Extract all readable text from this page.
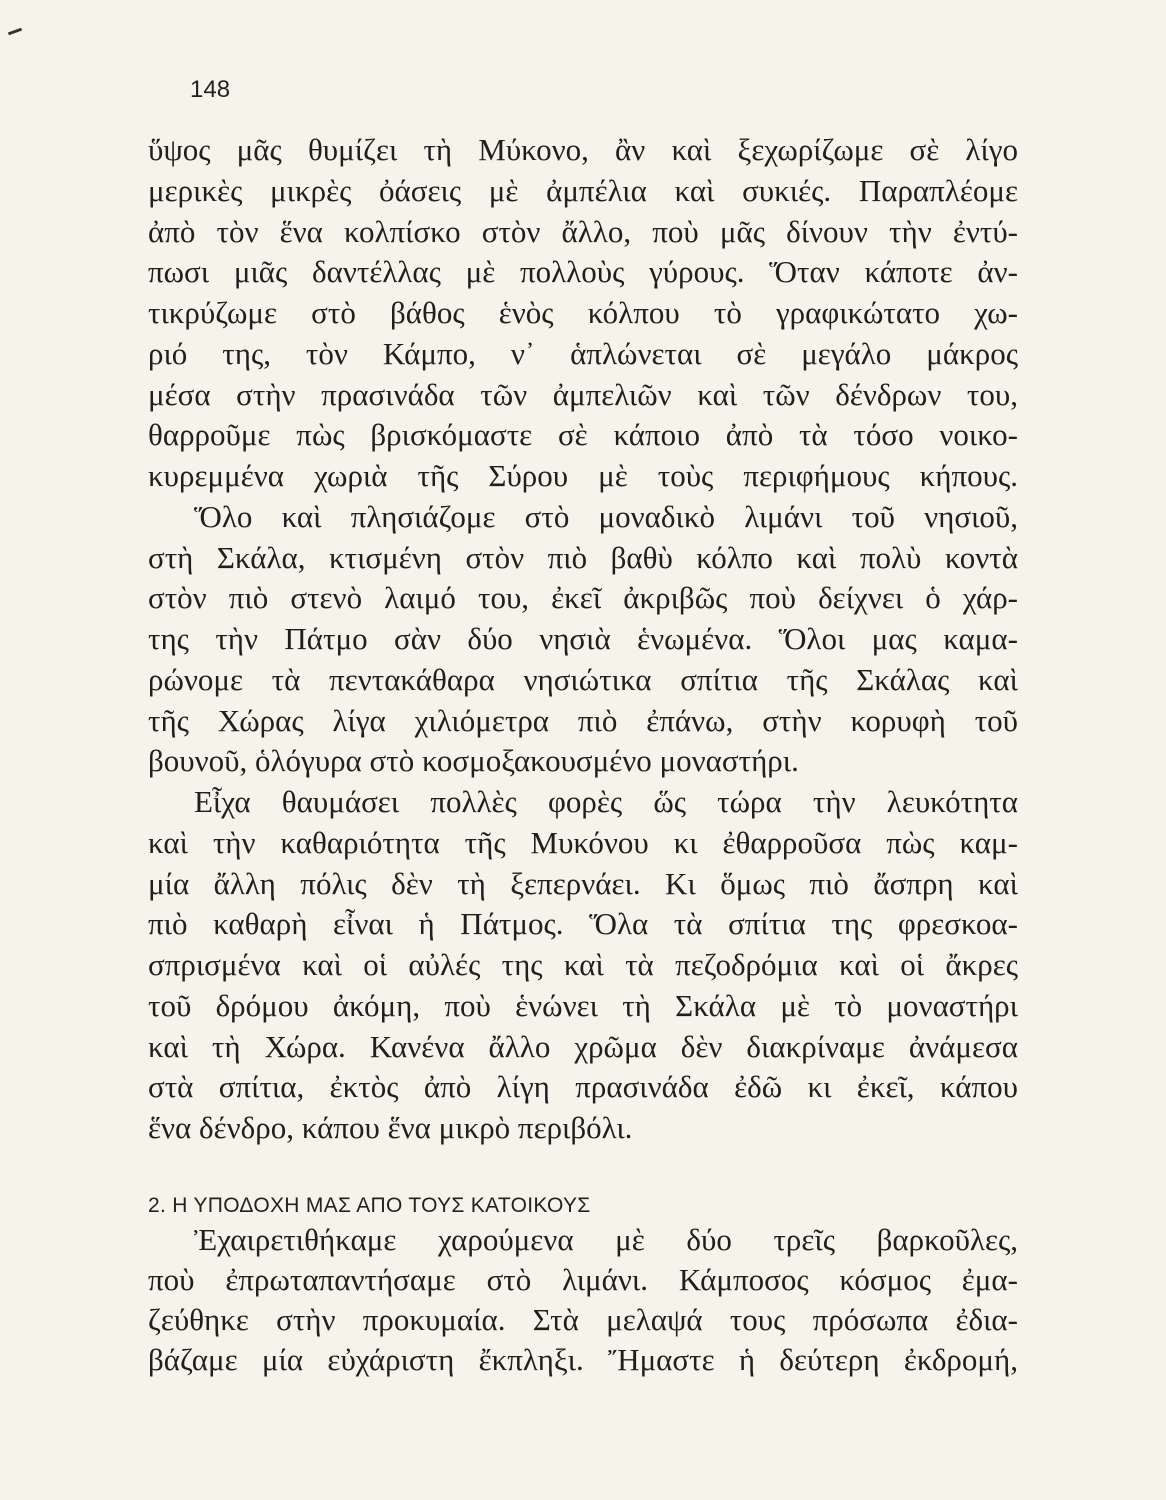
148
ὕψος μᾶς θυμίζει τὴ Μύκονο, ἂν καὶ ξεχωρίζωμε σὲ λίγο
μερικὲς μικρὲς ὀάσεις μὲ ἀμπέλια καὶ συκιές. Παραπλέομε
ἀπὸ τὸν ἕνα κολπίσκο στὸν ἄλλο, ποὺ μᾶς δίνουν τὴν ἐντύ-
πωσι μιᾶς δαντέλλας μὲ πολλοὺς γύρους. Ὅταν κάποτε ἀν-
τικρύζωμε στὸ βάθος ἑνὸς κόλπου τὸ γραφικώτατο χω-
ριό της, τὸν Κάμπο, ν᾽ ἁπλώνεται σὲ μεγάλο μάκρος
μέσα στὴν πρασινάδα τῶν ἀμπελιῶν καὶ τῶν δένδρων του,
θαρροῦμε πὼς βρισκόμαστε σὲ κάποιο ἀπὸ τὰ τόσο νοικο-
κυρεμμένα χωριὰ τῆς Σύρου μὲ τοὺς περιφήμους κήπους.
Ὅλο καὶ πλησιάζομε στὸ μοναδικὸ λιμάνι τοῦ νησιοῦ,
στὴ Σκάλα, κτισμένη στὸν πιὸ βαθὺ κόλπο καὶ πολὺ κοντὰ
στὸν πιὸ στενὸ λαιμό του, ἐκεῖ ἀκριβῶς ποὺ δείχνει ὁ χάρ-
της τὴν Πάτμο σὰν δύο νησιὰ ἑνωμένα. Ὅλοι μας καμα-
ρώνομε τὰ πεντακάθαρα νησιώτικα σπίτια τῆς Σκάλας καὶ
τῆς Χώρας λίγα χιλιόμετρα πιὸ ἐπάνω, στὴν κορυφὴ τοῦ
βουνοῦ, ὁλόγυρα στὸ κοσμοξακουσμένο μοναστήρι.
Εἶχα θαυμάσει πολλὲς φορὲς ὥς τώρα τὴν λευκότητα
καὶ τὴν καθαριότητα τῆς Μυκόνου κι ἐθαρροῦσα πὼς καμ-
μία ἄλλη πόλις δὲν τὴ ξεπερνάει. Κι ὅμως πιὸ ἄσπρη καὶ
πιὸ καθαρὴ εἶναι ἡ Πάτμος. Ὅλα τὰ σπίτια της φρεσκοα-
σπρισμένα καὶ οἱ αὐλές της καὶ τὰ πεζοδρόμια καὶ οἱ ἄκρες
τοῦ δρόμου ἀκόμη, ποὺ ἑνώνει τὴ Σκάλα μὲ τὸ μοναστήρι
καὶ τὴ Χώρα. Κανένα ἄλλο χρῶμα δὲν διακρίναμε ἀνάμεσα
στὰ σπίτια, ἐκτὸς ἀπὸ λίγη πρασινάδα ἐδῶ κι ἐκεῖ, κάπου
ἕνα δένδρο, κάπου ἕνα μικρὸ περιβόλι.
2. Η ΥΠΟΔΟΧΗ ΜΑΣ ΑΠΟ ΤΟΥΣ ΚΑΤΟΙΚΟΥΣ
Ἐχαιρετιθήκαμε χαρούμενα μὲ δύο τρεῖς βαρκοῦλες,
ποὺ ἐπρωταπαντήσαμε στὸ λιμάνι. Κάμποσος κόσμος ἐμα-
ζεύθηκε στὴν προκυμαία. Στὰ μελαψά τους πρόσωπα ἐδια-
βάζαμε μία εὐχάριστη ἔκπληξι. Ἤμαστε ἡ δεύτερη ἐκδρομή,
